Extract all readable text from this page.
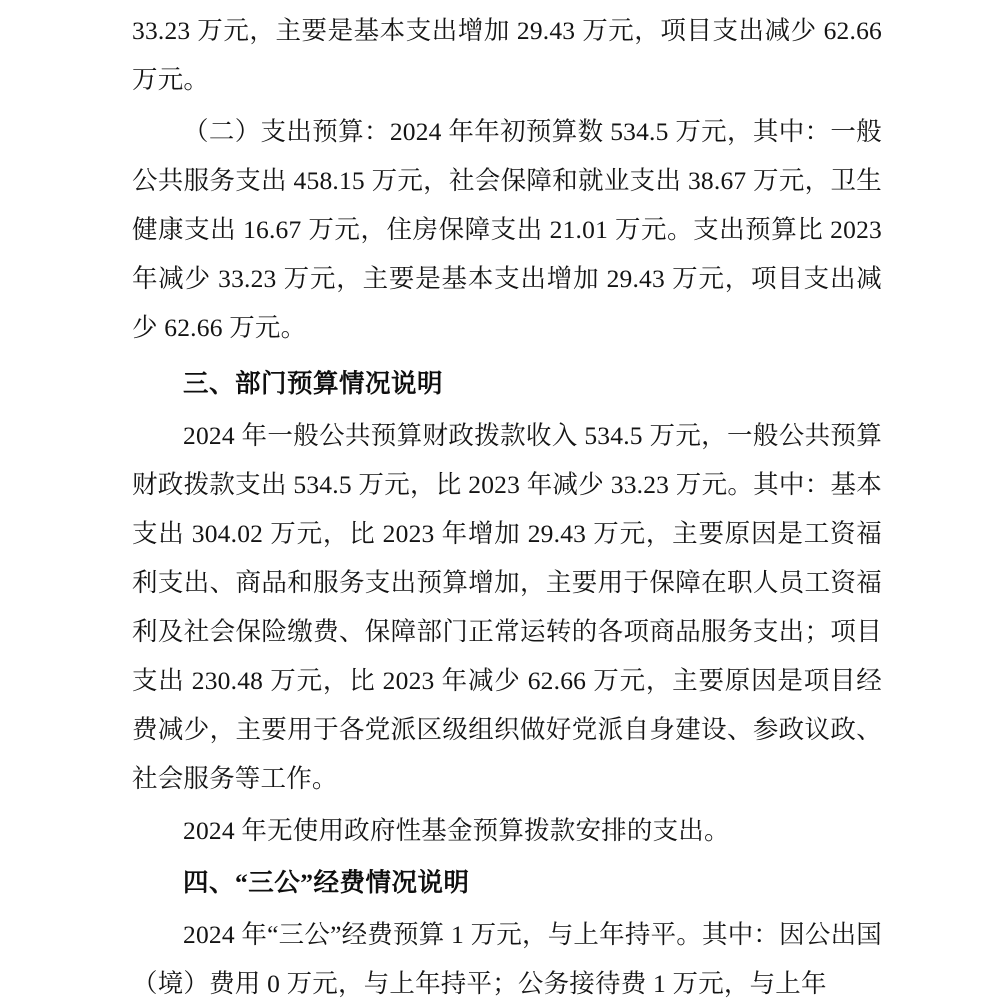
33.23 万元，主要是基本支出增加 29.43 万元，项目支出减少 62.66 万元。

（二）支出预算：2024 年年初预算数 534.5 万元，其中：一般公共服务支出 458.15 万元，社会保障和就业支出 38.67 万元，卫生健康支出 16.67 万元，住房保障支出 21.01 万元。支出预算比 2023 年减少 33.23 万元，主要是基本支出增加 29.43 万元，项目支出减少 62.66 万元。

三、部门预算情况说明

2024 年一般公共预算财政拨款收入 534.5 万元，一般公共预算财政拨款支出 534.5 万元，比 2023 年减少 33.23 万元。其中：基本支出 304.02 万元，比 2023 年增加 29.43 万元，主要原因是工资福利支出、商品和服务支出预算增加，主要用于保障在职人员工资福利及社会保险缴费、保障部门正常运转的各项商品服务支出；项目支出 230.48 万元，比 2023 年减少 62.66 万元，主要原因是项目经费减少，主要用于各党派区级组织做好党派自身建设、参政议政、社会服务等工作。

2024 年无使用政府性基金预算拨款安排的支出。

四、“三公”经费情况说明

2024 年“三公”经费预算 1 万元，与上年持平。其中：因公出国（境）费用 0 万元，与上年持平；公务接待费 1 万元，与上年
